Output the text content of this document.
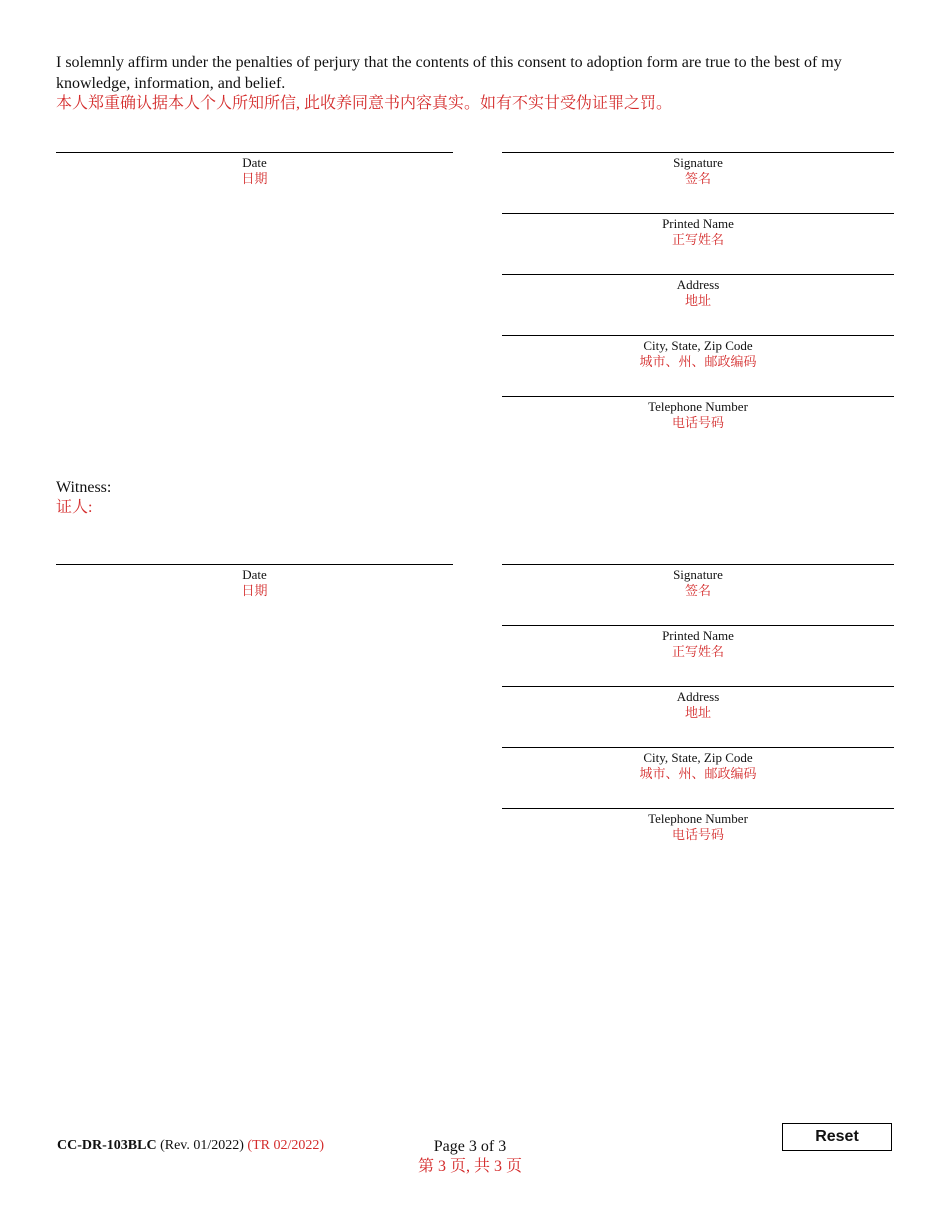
I solemnly affirm under the penalties of perjury that the contents of this consent to adoption form are true to the best of my knowledge, information, and belief.
本人郑重确认据本人个人所知所信, 此收养同意书内容真实。如有不实甘受伪证罪之罚。
Date
日期
Signature
签名
Printed Name
正写姓名
Address
地址
City, State, Zip Code
城市、州、邮政编码
Telephone Number
电话号码
Witness:
证人:
Date
日期
Signature
签名
Printed Name
正写姓名
Address
地址
City, State, Zip Code
城市、州、邮政编码
Telephone Number
电话号码
CC-DR-103BLC (Rev. 01/2022) (TR 02/2022)	Page 3 of 3
第 3 页, 共 3 页
Reset
